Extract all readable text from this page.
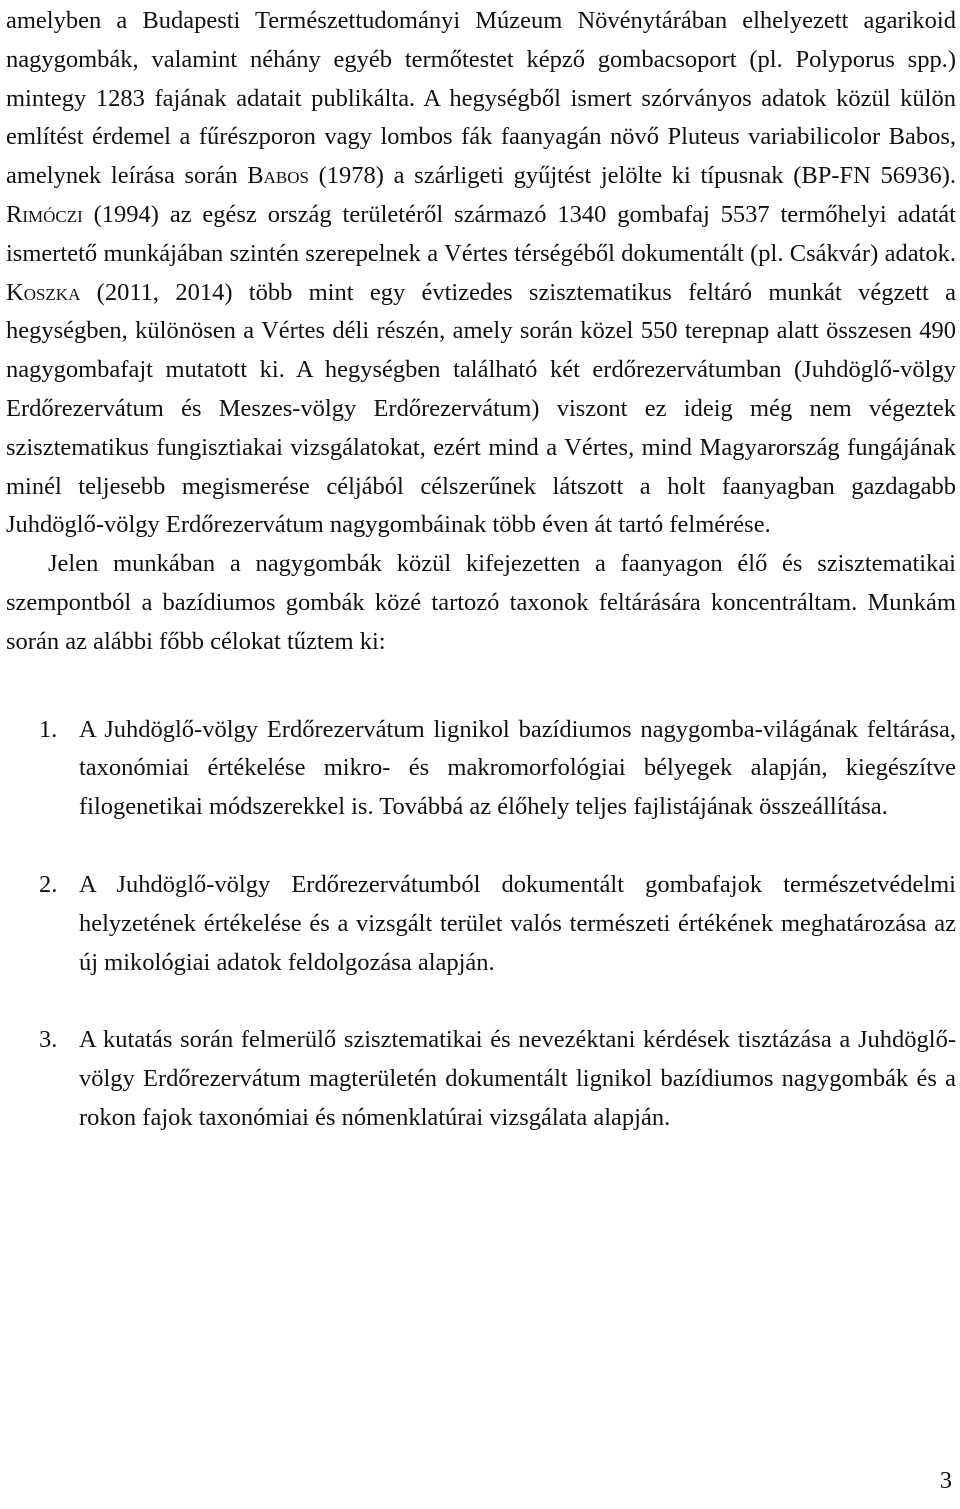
amelyben a Budapesti Természettudományi Múzeum Növénytárában elhelyezett agarikoid nagygombák, valamint néhány egyéb termőtestet képző gombacsoport (pl. Polyporus spp.) mintegy 1283 fajának adatait publikálta. A hegységből ismert szórványos adatok közül külön említést érdemel a fűrészporon vagy lombos fák faanyagán növő Pluteus variabilicolor Babos, amelynek leírása során Babos (1978) a szárligeti gyűjtést jelölte ki típusnak (BP-FN 56936). Rimóczi (1994) az egész ország területéről származó 1340 gombafaj 5537 termőhelyi adatát ismertető munkájában szintén szerepelnek a Vértes térségéből dokumentált (pl. Csákvár) adatok. Koszka (2011, 2014) több mint egy évtizedes szisztematikus feltáró munkát végzett a hegységben, különösen a Vértes déli részén, amely során közel 550 terepnap alatt összesen 490 nagygombafajt mutatott ki. A hegységben található két erdőrezervátumban (Juhdöglő-völgy Erdőrezervátum és Meszes-völgy Erdőrezervátum) viszont ez ideig még nem végeztek szisztematikus fungisztiakai vizsgálatokat, ezért mind a Vértes, mind Magyarország fungájának minél teljesebb megismerése céljából célszerűnek látszott a holt faanyagban gazdagabb Juhdöglő-völgy Erdőrezervátum nagygombáinak több éven át tartó felmérése.

Jelen munkában a nagygombák közül kifejezetten a faanyagon élő és szisztematikai szempontból a bazídiumos gombák közé tartozó taxonok feltárására koncentráltam. Munkám során az alábbi főbb célokat tűztem ki:

1. A Juhdöglő-völgy Erdőrezervátum lignikol bazídiumos nagygomba-világának feltárása, taxonómiai értékelése mikro- és makromorfológiai bélyegek alapján, kiegészítve filogenetikai módszerekkel is. Továbbá az élőhely teljes fajlistájának összeállítása.
2. A Juhdöglő-völgy Erdőrezervátumból dokumentált gombafajok természetvédelmi helyzetének értékelése és a vizsgált terület valós természeti értékének meghatározása az új mikológiai adatok feldolgozása alapján.
3. A kutatás során felmerülő szisztematikai és nevezéktani kérdések tisztázása a Juhdöglő-völgy Erdőrezervátum magterületén dokumentált lignikol bazídiumos nagygombák és a rokon fajok taxonómiai és nómenklatúrai vizsgálata alapján.
3
